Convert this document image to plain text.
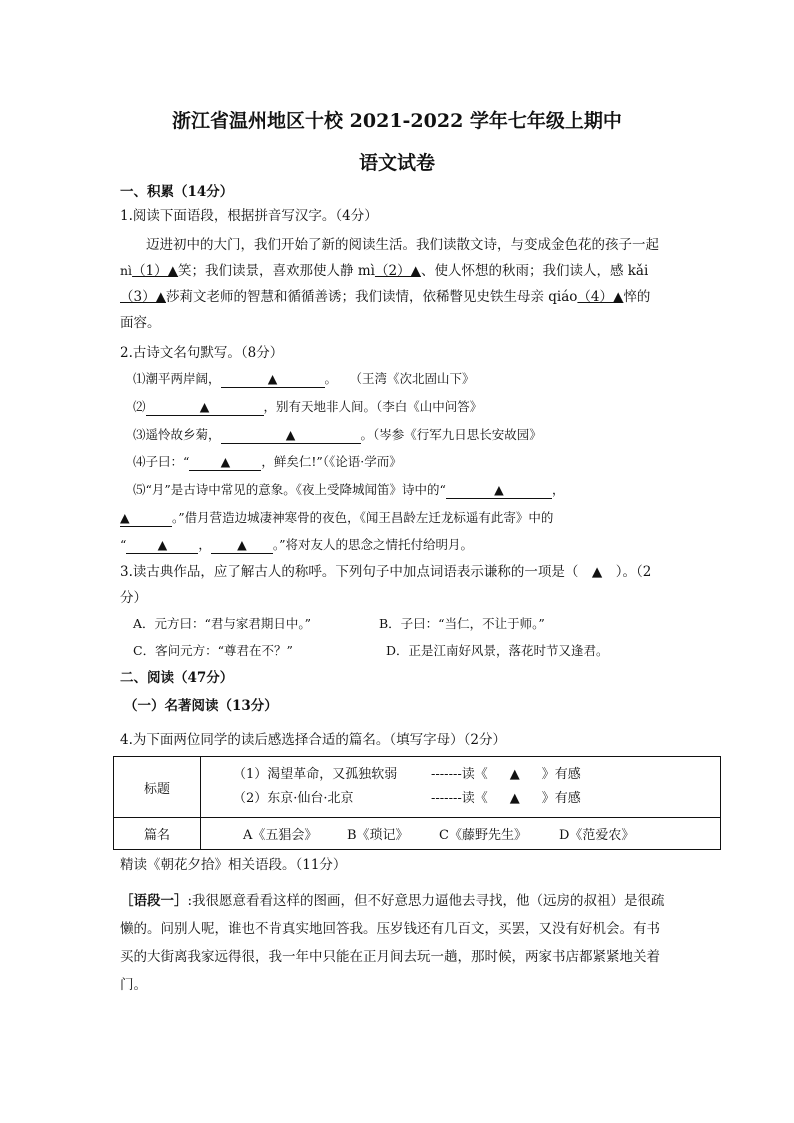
浙江省温州地区十校 2021-2022 学年七年级上期中
语文试卷
一、积累（14分）
1.阅读下面语段，根据拼音写汉字。（4分）
迈进初中的大门，我们开始了新的阅读生活。我们读散文诗，与变成金色花的孩子一起
nì（1）▲笑；我们读景，喜欢那使人静 mì（2）▲、使人怀想的秋雨；我们读人，感 kǎi
（3）▲莎莉文老师的智慧和循循善诱；我们读情，依稀瞥见史铁生母亲 qiáo（4）▲悴的
面容。
2.古诗文名句默写。（8分）
⑴潮平两岸阔，	▲	。　　（王湾《次北固山下》
⑵	▲	，别有天地非人间。（李白《山中问答》
⑶遥怜故乡菊，	▲	。（岑参《行军九日思长安故园》
⑷子曰：“ ▲ ，鲜矣仁!”（《论语·学而》
⑸“月”是古诗中常见的意象。《夜上受降城闻笛》诗中的“	▲	，
▲	。”借月营造边城凄神寒骨的夜色，《闻王昌龄左迁龙标遥有此寄》中的
“ ▲ ， ▲ 。”将对友人的思念之情托付给明月。
3.读古典作品，应了解古人的称呼。下列句子中加点词语表示谦称的一项是（　▲　）。（2
分）
A．元方曰：“君与家君期日中。”	B．子曰：“当仁，不让于师。”
C．客问元方：“尊君在不？”	D．正是江南好风景，落花时节又逢君。
二、阅读（47分）
（一）名著阅读（13分）
4.为下面两位同学的读后感选择合适的篇名。（填写字母）（2分）
标题	（1）渴望革命，又孤独软弱 -------读《 ▲ 》有感
（2）东京·仙台·北京 -------读《 ▲ 》有感

篇名	A《五猖会》 B《琐记》 C《藤野先生》 D《范爱农》
精读《朝花夕拾》相关语段。（11分）
［语段一］:我很愿意看看这样的图画，但不好意思力逼他去寻找，他（远房的叔祖）是很疏
懒的。问别人呢，谁也不肯真实地回答我。压岁钱还有几百文，买罢，又没有好机会。有书
买的大街离我家远得很，我一年中只能在正月间去玩一趟，那时候，两家书店都紧紧地关着
门。
